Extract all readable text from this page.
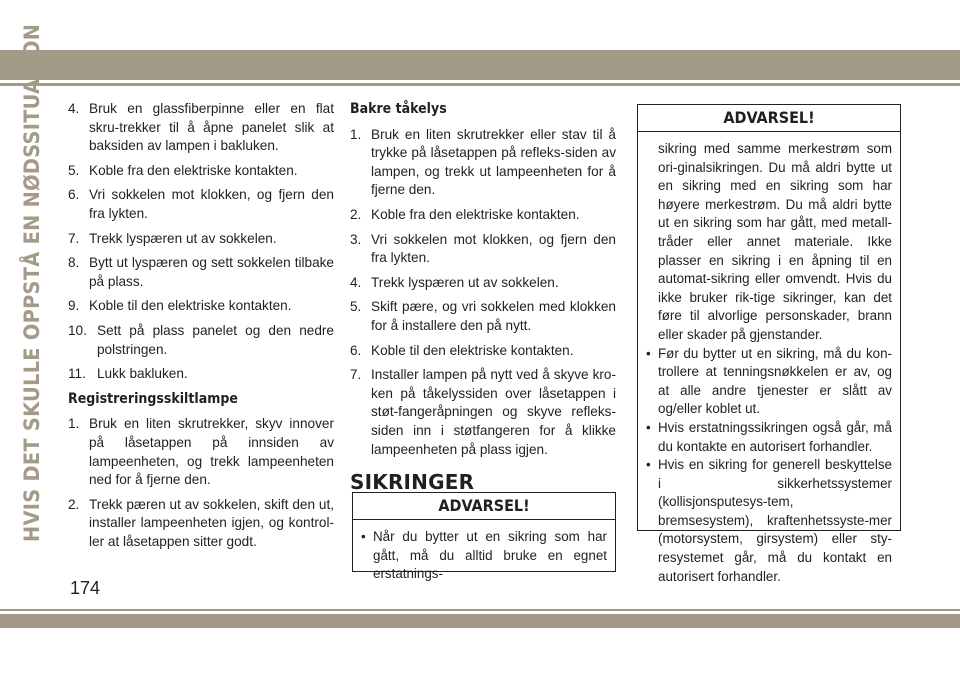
HVIS DET SKULLE OPPSTÅ EN NØDSSITUASJON 4. Bruk en glassfiberpinne eller en flat skru-trekker til å åpne panelet slik at baksiden av lampen i bakluken.
5. Koble fra den elektriske kontakten.
6. Vri sokkelen mot klokken, og fjern den fra lykten.
7. Trekk lyspæren ut av sokkelen.
8. Bytt ut lyspæren og sett sokkelen tilbake på plass.
9. Koble til den elektriske kontakten.
10. Sett på plass panelet og den nedre polstringen.
11. Lukk bakluken.
Registreringsskiltlampe
1. Bruk en liten skrutrekker, skyv innover på låsetappen på innsiden av lampeenheten, og trekk lampeenheten ned for å fjerne den.
2. Trekk pæren ut av sokkelen, skift den ut, installer lampeenheten igjen, og kontrol-ler at låsetappen sitter godt.
Bakre tåkelys
1. Bruk en liten skrutrekker eller stav til å trykke på låsetappen på refleks-siden av lampen, og trekk ut lampeenheten for å fjerne den.
2. Koble fra den elektriske kontakten.
3. Vri sokkelen mot klokken, og fjern den fra lykten.
4. Trekk lyspæren ut av sokkelen.
5. Skift pære, og vri sokkelen med klokken for å installere den på nytt.
6. Koble til den elektriske kontakten.
7. Installer lampen på nytt ved å skyve kro-ken på tåkelyssiden over låsetappen i støt-fangeråpningen og skyve refleks-siden inn i støtfangeren for å klikke lampeenheten på plass igjen.
SIKRINGER
ADVARSEL!
• Når du bytter ut en sikring som har gått, må du alltid bruke en egnet erstatnings-
ADVARSEL!
sikring med samme merkestrøm som ori-ginalsikringen. Du må aldri bytte ut en sikring med en sikring som har høyere merkestrøm. Du må aldri bytte ut en sikring som har gått, med metall-tråder eller annet materiale. Ikke plasser en sikring i en åpning til en automat-sikring eller omvendt. Hvis du ikke bruker rik-tige sikringer, kan det føre til alvorlige personskader, brann eller skader på gjenstander.
• Før du bytter ut en sikring, må du kon-trollere at tenningsnøkkelen er av, og at alle andre tjenester er slått av og/eller koblet ut.
• Hvis erstatningssikringen også går, må du kontakte en autorisert forhandler.
• Hvis en sikring for generell beskyttelse i sikkerhetssystemer (kollisjonsputesys-tem, bremsesystem), kraftenhetssyste-mer (motorsystem, girsystem) eller sty-resystemet går, må du kontakt en autorisert forhandler.
174
